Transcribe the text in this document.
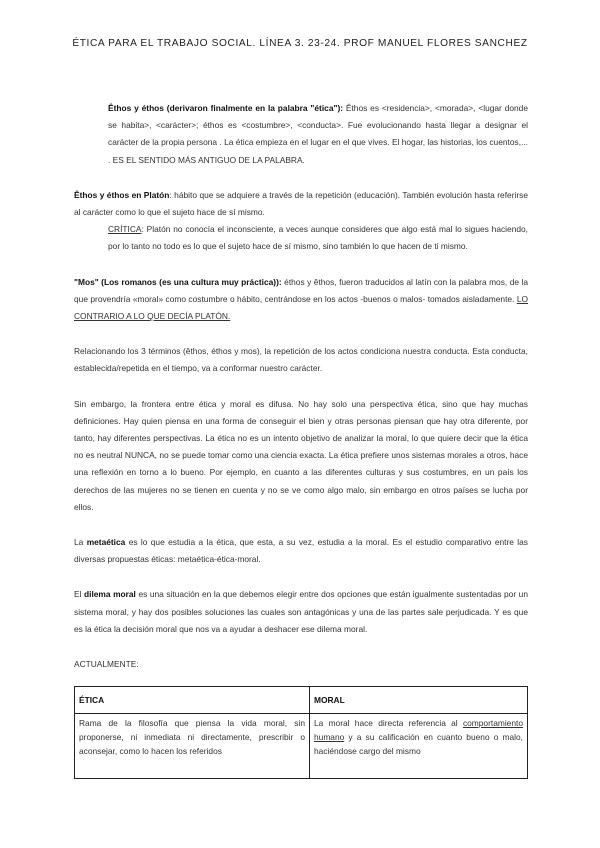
ÉTICA PARA EL TRABAJO SOCIAL. LÍNEA 3. 23-24. PROF MANUEL FLORES SANCHEZ

Êthos y éthos (derivaron finalmente en la palabra "ética"): Êthos es <residencia>, <morada>, <lugar donde se habita>, <carácter>; éthos es <costumbre>, <conducta>. Fue evolucionando hasta llegar a designar el carácter de la propia persona . La ética empieza en el lugar en el que vives. El hogar, las historias, los cuentos,... . ES EL SENTIDO MÁS ANTIGUO DE LA PALABRA.

Êthos y éthos en Platón: hábito que se adquiere a través de la repetición (educación). También evolución hasta referirse al carácter como lo que el sujeto hace de sí mismo.

CRÍTICA: Platón no conocía el inconsciente, a veces aunque consideres que algo está mal lo sigues haciendo, por lo tanto no todo es lo que el sujeto hace de sí mismo, sino también lo que hacen de ti mismo.

"Mos" (Los romanos (es una cultura muy práctica)): éthos y êthos, fueron traducidos al latín con la palabra mos, de la que provendría «moral» como costumbre o hábito, centrándose en los actos -buenos o malos- tomados aisladamente. LO CONTRARIO A LO QUE DECÍA PLATÓN.

Relacionando los 3 términos (êthos, éthos y mos), la repetición de los actos condiciona nuestra conducta. Esta conducta, establecida/repetida en el tiempo, va a conformar nuestro carácter.

Sin embargo, la frontera entre ética y moral es difusa. No hay solo una perspectiva ética, sino que hay muchas definiciones. Hay quien piensa en una forma de conseguir el bien y otras personas piensan que hay otra diferente, por tanto, hay diferentes perspectivas. La ética no es un intento objetivo de analizar la moral, lo que quiere decir que la ética no es neutral NUNCA, no se puede tomar como una ciencia exacta. La ética prefiere unos sistemas morales a otros, hace una reflexión en torno a lo bueno. Por ejemplo, en cuanto a las diferentes culturas y sus costumbres, en un país los derechos de las mujeres no se tienen en cuenta y no se ve como algo malo, sin embargo en otros países se lucha por ellos.

La metaética es lo que estudia a la ética, que esta, a su vez, estudia a la moral. Es el estudio comparativo entre las diversas propuestas éticas: metaética-ética-moral.

El dilema moral es una situación en la que debemos elegir entre dos opciones que están igualmente sustentadas por un sistema moral, y hay dos posibles soluciones las cuales son antagónicas y una de las partes sale perjudicada. Y es que es la ética la decisión moral que nos va a ayudar a deshacer ese dilema moral.

ACTUALMENTE:

ÉTICA	MORAL
Rama de la filosofía que piensa la vida moral, sin proponerse, ni inmediata ni directamente, prescribir o aconsejar, como lo hacen los referidos	La moral hace directa referencia al comportamiento humano y a su calificación en cuanto bueno o malo, haciéndose cargo del mismo
